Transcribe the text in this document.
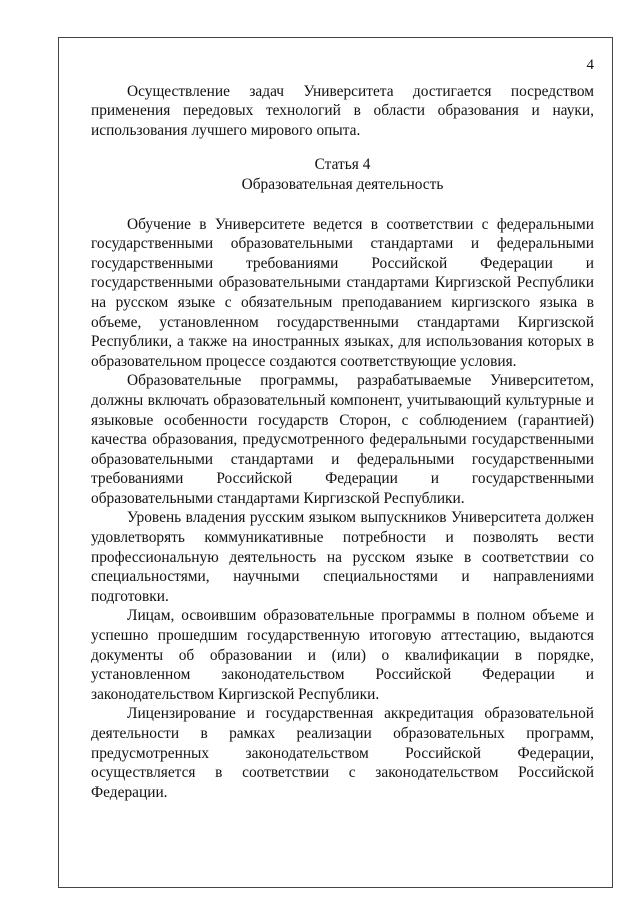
4

Осуществление задач Университета достигается посредством применения передовых технологий в области образования и науки, использования лучшего мирового опыта.

Статья 4
Образовательная деятельность

Обучение в Университете ведется в соответствии с федеральными государственными образовательными стандартами и федеральными государственными требованиями Российской Федерации и государственными образовательными стандартами Киргизской Республики на русском языке с обязательным преподаванием киргизского языка в объеме, установленном государственными стандартами Киргизской Республики, а также на иностранных языках, для использования которых в образовательном процессе создаются соответствующие условия.

Образовательные программы, разрабатываемые Университетом, должны включать образовательный компонент, учитывающий культурные и языковые особенности государств Сторон, с соблюдением (гарантией) качества образования, предусмотренного федеральными государственными образовательными стандартами и федеральными государственными требованиями Российской Федерации и государственными образовательными стандартами Киргизской Республики.

Уровень владения русским языком выпускников Университета должен удовлетворять коммуникативные потребности и позволять вести профессиональную деятельность на русском языке в соответствии со специальностями, научными специальностями и направлениями подготовки.

Лицам, освоившим образовательные программы в полном объеме и успешно прошедшим государственную итоговую аттестацию, выдаются документы об образовании и (или) о квалификации в порядке, установленном законодательством Российской Федерации и законодательством Киргизской Республики.

Лицензирование и государственная аккредитация образовательной деятельности в рамках реализации образовательных программ, предусмотренных законодательством Российской Федерации, осуществляется в соответствии с законодательством Российской Федерации.
